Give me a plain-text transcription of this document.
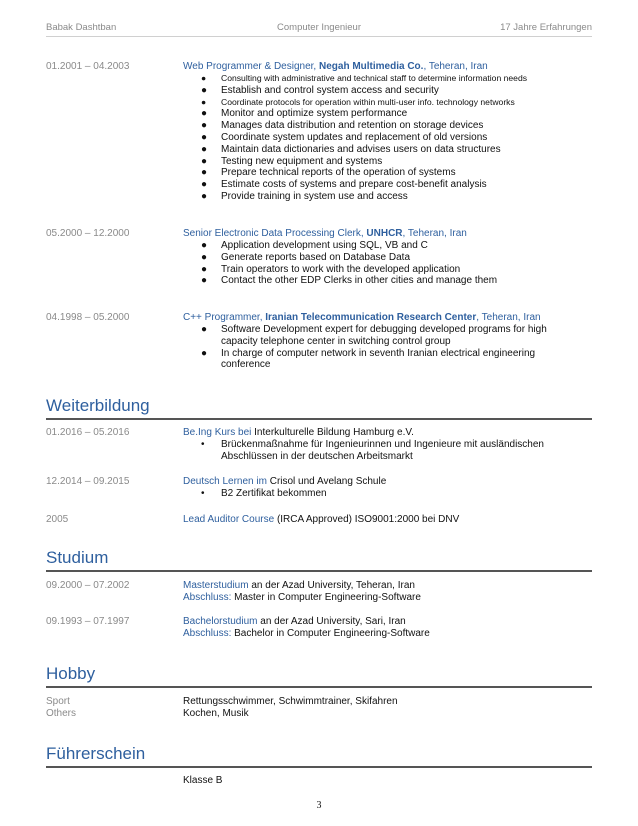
Babak Dashtban	Computer Ingenieur	17 Jahre Erfahrungen
01.2001 – 04.2003	Web Programmer & Designer, Negah Multimedia Co., Teheran, Iran
● Consulting with administrative and technical staff to determine information needs
● Establish and control system access and security
● Coordinate protocols for operation within multi-user info. technology networks
● Monitor and optimize system performance
● Manages data distribution and retention on storage devices
● Coordinate system updates and replacement of old versions
● Maintain data dictionaries and advises users on data structures
● Testing new equipment and systems
● Prepare technical reports of the operation of systems
● Estimate costs of systems and prepare cost-benefit analysis
● Provide training in system use and access
05.2000 – 12.2000	Senior Electronic Data Processing Clerk, UNHCR, Teheran, Iran
● Application development using SQL, VB and C
● Generate reports based on Database Data
● Train operators to work with the developed application
● Contact the other EDP Clerks in other cities and manage them
04.1998 – 05.2000	C++ Programmer, Iranian Telecommunication Research Center, Teheran, Iran
● Software Development expert for debugging developed programs for high capacity telephone center in switching control group
● In charge of computer network in seventh Iranian electrical engineering conference
Weiterbildung
01.2016 – 05.2016	Be.Ing Kurs bei Interkulturelle Bildung Hamburg e.V.
• Brückenmaßnahme für Ingenieurinnen und Ingenieure mit ausländischen Abschlüssen in der deutschen Arbeitsmarkt
12.2014 – 09.2015	Deutsch Lernen im Crisol und Avelang Schule
• B2 Zertifikat bekommen
2005	Lead Auditor Course (IRCA Approved) ISO9001:2000 bei DNV
Studium
09.2000 – 07.2002	Masterstudium an der Azad University, Teheran, Iran
Abschluss: Master in Computer Engineering-Software
09.1993 – 07.1997	Bachelorstudium an der Azad University, Sari, Iran
Abschluss: Bachelor in Computer Engineering-Software
Hobby
Sport	Rettungsschwimmer, Schwimmtrainer, Skifahren
Others	Kochen, Musik
Führerschein
Klasse B
3
